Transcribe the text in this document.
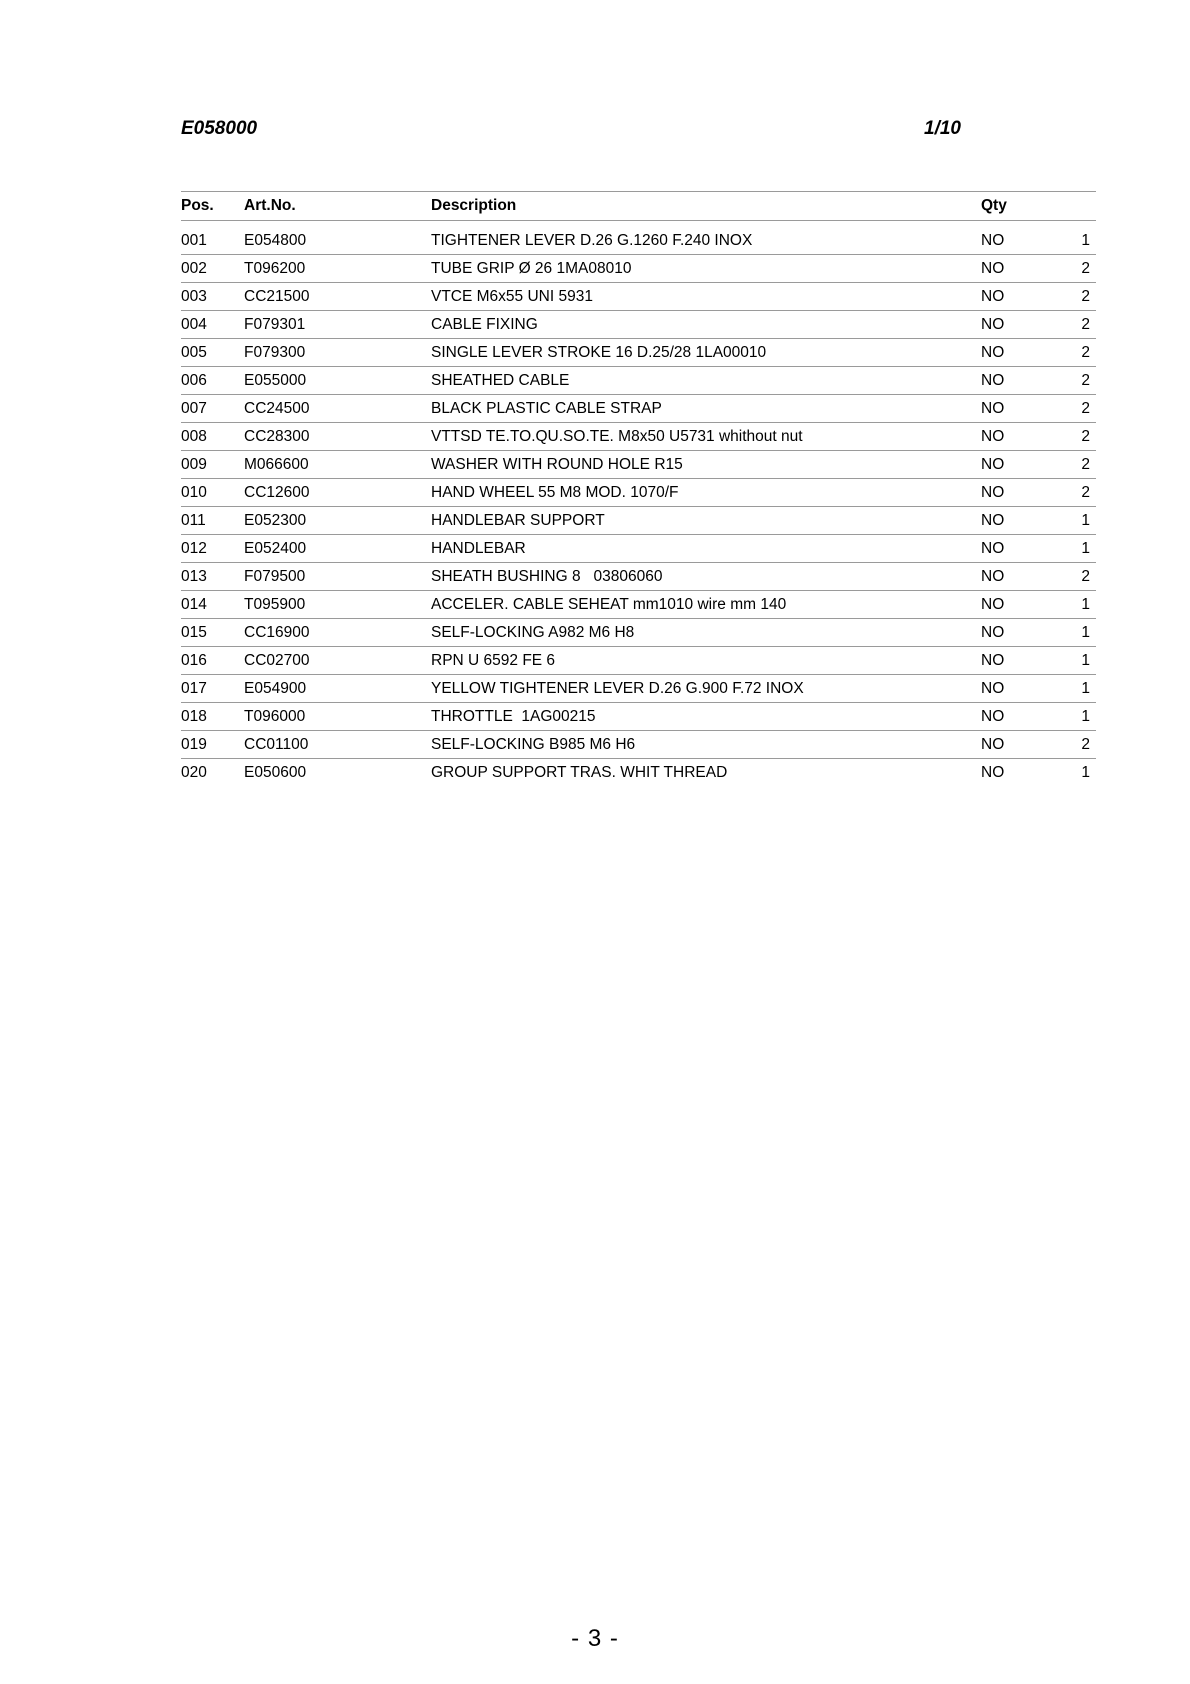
E058000	1/10
Pos. Art.No.	Description	Qty
001 E054800	TIGHTENER LEVER D.26 G.1260 F.240 INOX	NO	1
002 T096200	TUBE GRIP Ø 26 1MA08010	NO	2
003 CC21500	VTCE M6x55 UNI 5931	NO	2
004 F079301	CABLE FIXING	NO	2
005 F079300	SINGLE LEVER STROKE 16 D.25/28 1LA00010	NO	2
006 E055000	SHEATHED CABLE	NO	2
007 CC24500	BLACK PLASTIC CABLE STRAP	NO	2
008 CC28300	VTTSD TE.TO.QU.SO.TE. M8x50 U5731 whithout nut	NO	2
009 M066600	WASHER WITH ROUND HOLE R15	NO	2
010 CC12600	HAND WHEEL 55 M8 MOD. 1070/F	NO	2
011 E052300	HANDLEBAR SUPPORT	NO	1
012 E052400	HANDLEBAR	NO	1
013 F079500	SHEATH BUSHING 8   03806060	NO	2
014 T095900	ACCELER. CABLE SEHEAT mm1010 wire mm 140	NO	1
015 CC16900	SELF-LOCKING A982 M6 H8	NO	1
016 CC02700	RPN U 6592 FE 6	NO	1
017 E054900	YELLOW TIGHTENER LEVER D.26 G.900 F.72 INOX	NO	1
018 T096000	THROTTLE  1AG00215	NO	1
019 CC01100	SELF-LOCKING B985 M6 H6	NO	2
020 E050600	GROUP SUPPORT TRAS. WHIT THREAD	NO	1
- 3 -
